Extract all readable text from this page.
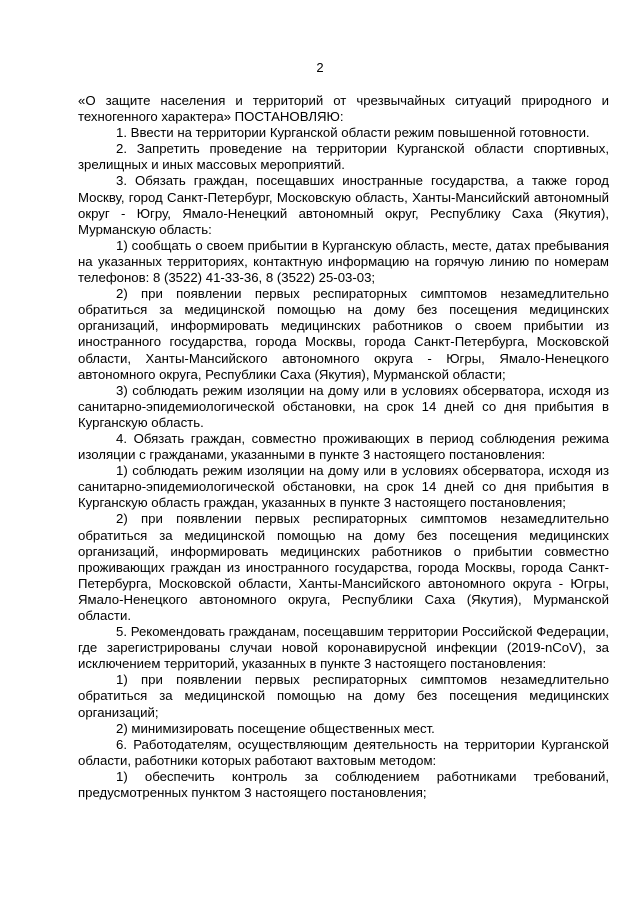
2

«О защите населения и территорий от чрезвычайных ситуаций природного и техногенного характера» ПОСТАНОВЛЯЮ:

1. Ввести на территории Курганской области режим повышенной готовности.

2. Запретить проведение на территории Курганской области спортивных, зрелищных и иных массовых мероприятий.

3. Обязать граждан, посещавших иностранные государства, а также город Москву, город Санкт-Петербург, Московскую область, Ханты-Мансийский автономный округ - Югру, Ямало-Ненецкий автономный округ, Республику Саха (Якутия), Мурманскую область:

1) сообщать о своем прибытии в Курганскую область, месте, датах пребывания на указанных территориях, контактную информацию на горячую линию по номерам телефонов: 8 (3522) 41-33-36, 8 (3522) 25-03-03;

2) при появлении первых респираторных симптомов незамедлительно обратиться за медицинской помощью на дому без посещения медицинских организаций, информировать медицинских работников о своем прибытии из иностранного государства, города Москвы, города Санкт-Петербурга, Московской области, Ханты-Мансийского автономного округа - Югры, Ямало-Ненецкого автономного округа, Республики Саха (Якутия), Мурманской области;

3) соблюдать режим изоляции на дому или в условиях обсерватора, исходя из санитарно-эпидемиологической обстановки, на срок 14 дней со дня прибытия в Курганскую область.

4. Обязать граждан, совместно проживающих в период соблюдения режима изоляции с гражданами, указанными в пункте 3 настоящего постановления:

1) соблюдать режим изоляции на дому или в условиях обсерватора, исходя из санитарно-эпидемиологической обстановки, на срок 14 дней со дня прибытия в Курганскую область граждан, указанных в пункте 3 настоящего постановления;

2) при появлении первых респираторных симптомов незамедлительно обратиться за медицинской помощью на дому без посещения медицинских организаций, информировать медицинских работников о прибытии совместно проживающих граждан из иностранного государства, города Москвы, города Санкт-Петербурга, Московской области, Ханты-Мансийского автономного округа - Югры, Ямало-Ненецкого автономного округа, Республики Саха (Якутия), Мурманской области.

5. Рекомендовать гражданам, посещавшим территории Российской Федерации, где зарегистрированы случаи новой коронавирусной инфекции (2019-nCoV), за исключением территорий, указанных в пункте 3 настоящего постановления:

1) при появлении первых респираторных симптомов незамедлительно обратиться за медицинской помощью на дому без посещения медицинских организаций;

2) минимизировать посещение общественных мест.

6. Работодателям, осуществляющим деятельность на территории Курганской области, работники которых работают вахтовым методом:

1) обеспечить контроль за соблюдением работниками требований, предусмотренных пунктом 3 настоящего постановления;
